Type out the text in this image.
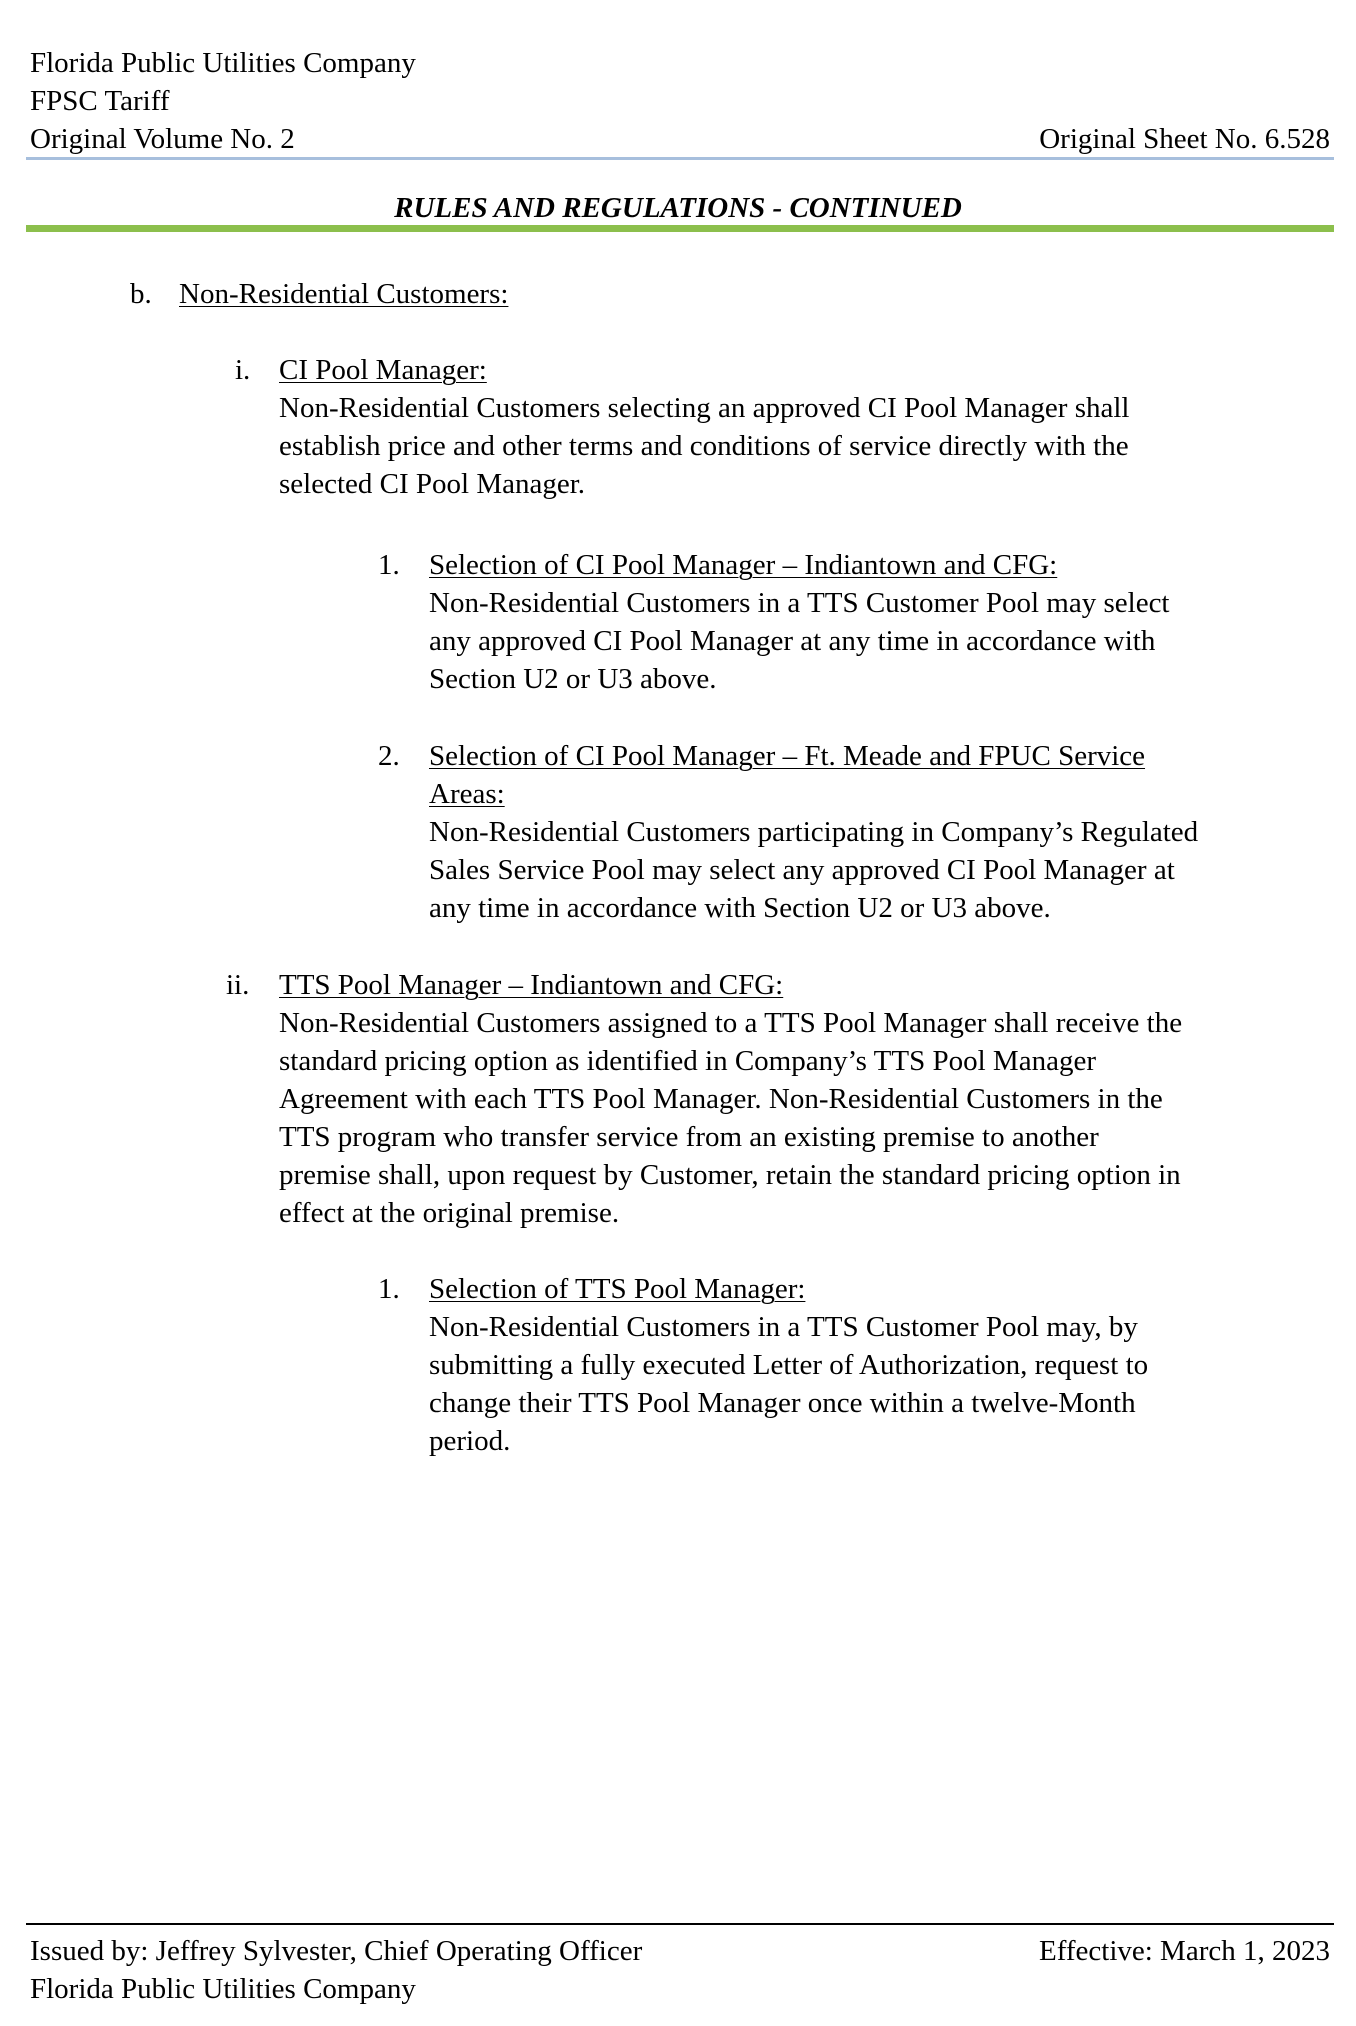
Florida Public Utilities Company
FPSC Tariff
Original Volume No. 2	Original Sheet No. 6.528
RULES AND REGULATIONS - CONTINUED
b. Non-Residential Customers:
i. CI Pool Manager:
Non-Residential Customers selecting an approved CI Pool Manager shall
establish price and other terms and conditions of service directly with the
selected CI Pool Manager.
1. Selection of CI Pool Manager – Indiantown and CFG:
Non-Residential Customers in a TTS Customer Pool may select
any approved CI Pool Manager at any time in accordance with
Section U2 or U3 above.
2. Selection of CI Pool Manager – Ft. Meade and FPUC Service
Areas:
Non-Residential Customers participating in Company’s Regulated
Sales Service Pool may select any approved CI Pool Manager at
any time in accordance with Section U2 or U3 above.
ii. TTS Pool Manager – Indiantown and CFG:
Non-Residential Customers assigned to a TTS Pool Manager shall receive the
standard pricing option as identified in Company’s TTS Pool Manager
Agreement with each TTS Pool Manager. Non-Residential Customers in the
TTS program who transfer service from an existing premise to another
premise shall, upon request by Customer, retain the standard pricing option in
effect at the original premise.
1. Selection of TTS Pool Manager:
Non-Residential Customers in a TTS Customer Pool may, by
submitting a fully executed Letter of Authorization, request to
change their TTS Pool Manager once within a twelve-Month
period.
Issued by: Jeffrey Sylvester, Chief Operating Officer	Effective: March 1, 2023
Florida Public Utilities Company
